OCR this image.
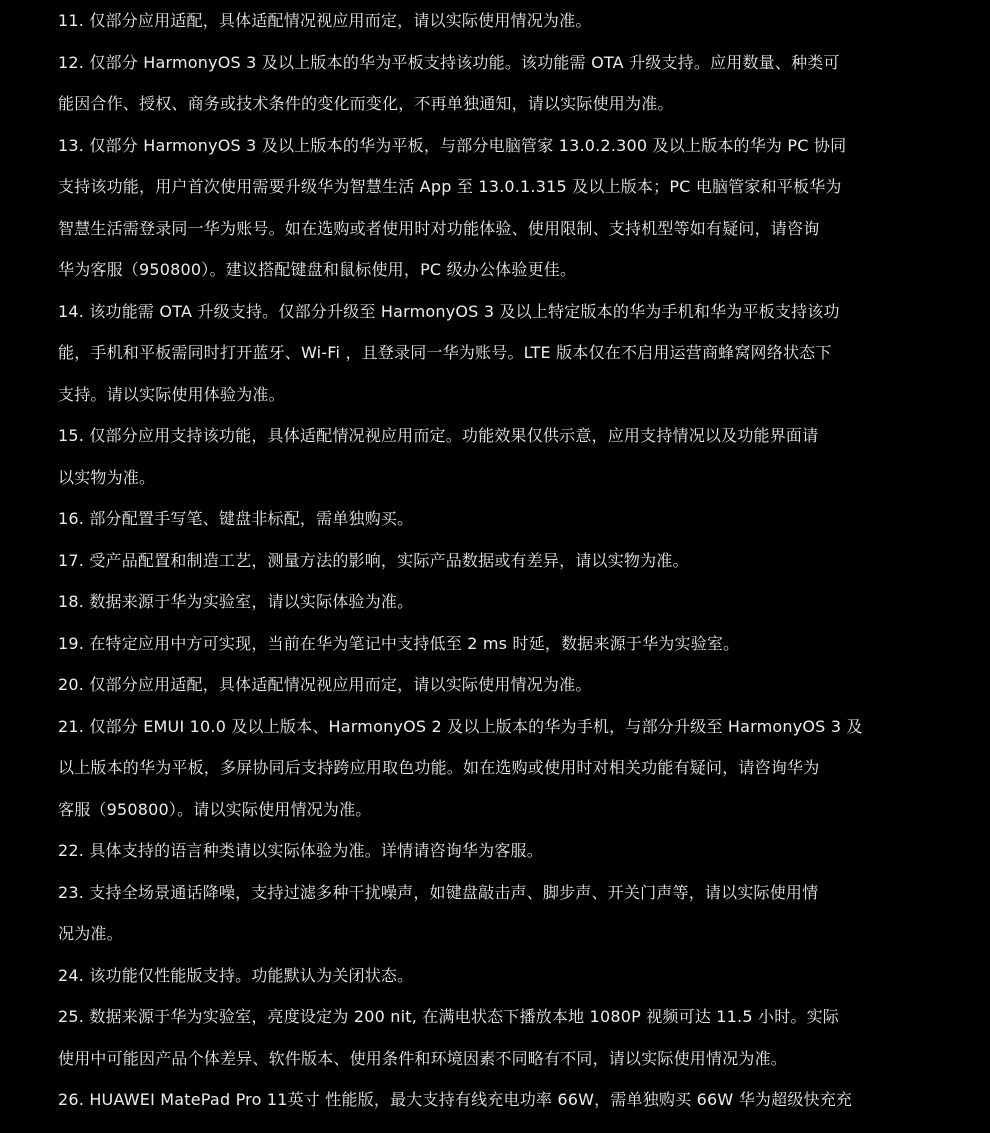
11. 仅部分应用适配，具体适配情况视应用而定，请以实际使用情况为准。
12. 仅部分 HarmonyOS 3 及以上版本的华为平板支持该功能。该功能需 OTA 升级支持。应用数量、种类可
能因合作、授权、商务或技术条件的变化而变化，不再单独通知，请以实际使用为准。
13. 仅部分 HarmonyOS 3 及以上版本的华为平板，与部分电脑管家 13.0.2.300 及以上版本的华为 PC 协同
支持该功能，用户首次使用需要升级华为智慧生活 App 至 13.0.1.315 及以上版本；PC 电脑管家和平板华为
智慧生活需登录同一华为账号。如在选购或者使用时对功能体验、使用限制、支持机型等如有疑问，请咨询
华为客服（950800）。建议搭配键盘和鼠标使用，PC 级办公体验更佳。
14. 该功能需 OTA 升级支持。仅部分升级至 HarmonyOS 3 及以上特定版本的华为手机和华为平板支持该功
能，手机和平板需同时打开蓝牙、Wi-Fi ，且登录同一华为账号。LTE 版本仅在不启用运营商蜂窝网络状态下
支持。请以实际使用体验为准。
15. 仅部分应用支持该功能，具体适配情况视应用而定。功能效果仅供示意，应用支持情况以及功能界面请
以实物为准。
16. 部分配置手写笔、键盘非标配，需单独购买。
17. 受产品配置和制造工艺，测量方法的影响，实际产品数据或有差异，请以实物为准。
18. 数据来源于华为实验室，请以实际体验为准。
19. 在特定应用中方可实现，当前在华为笔记中支持低至 2 ms 时延，数据来源于华为实验室。
20. 仅部分应用适配，具体适配情况视应用而定，请以实际使用情况为准。
21. 仅部分 EMUI 10.0 及以上版本、HarmonyOS 2 及以上版本的华为手机，与部分升级至 HarmonyOS 3 及
以上版本的华为平板，多屏协同后支持跨应用取色功能。如在选购或使用时对相关功能有疑问，请咨询华为
客服（950800）。请以实际使用情况为准。
22. 具体支持的语言种类请以实际体验为准。详情请咨询华为客服。
23. 支持全场景通话降噪，支持过滤多种干扰噪声，如键盘敲击声、脚步声、开关门声等，请以实际使用情
况为准。
24. 该功能仅性能版支持。功能默认为关闭状态。
25. 数据来源于华为实验室，亮度设定为 200 nit, 在满电状态下播放本地 1080P 视频可达 11.5 小时。实际
使用中可能因产品个体差异、软件版本、使用条件和环境因素不同略有不同，请以实际使用情况为准。
26. HUAWEI MatePad Pro 11英寸 性能版，最大支持有线充电功率 66W，需单独购买 66W 华为超级快充充
